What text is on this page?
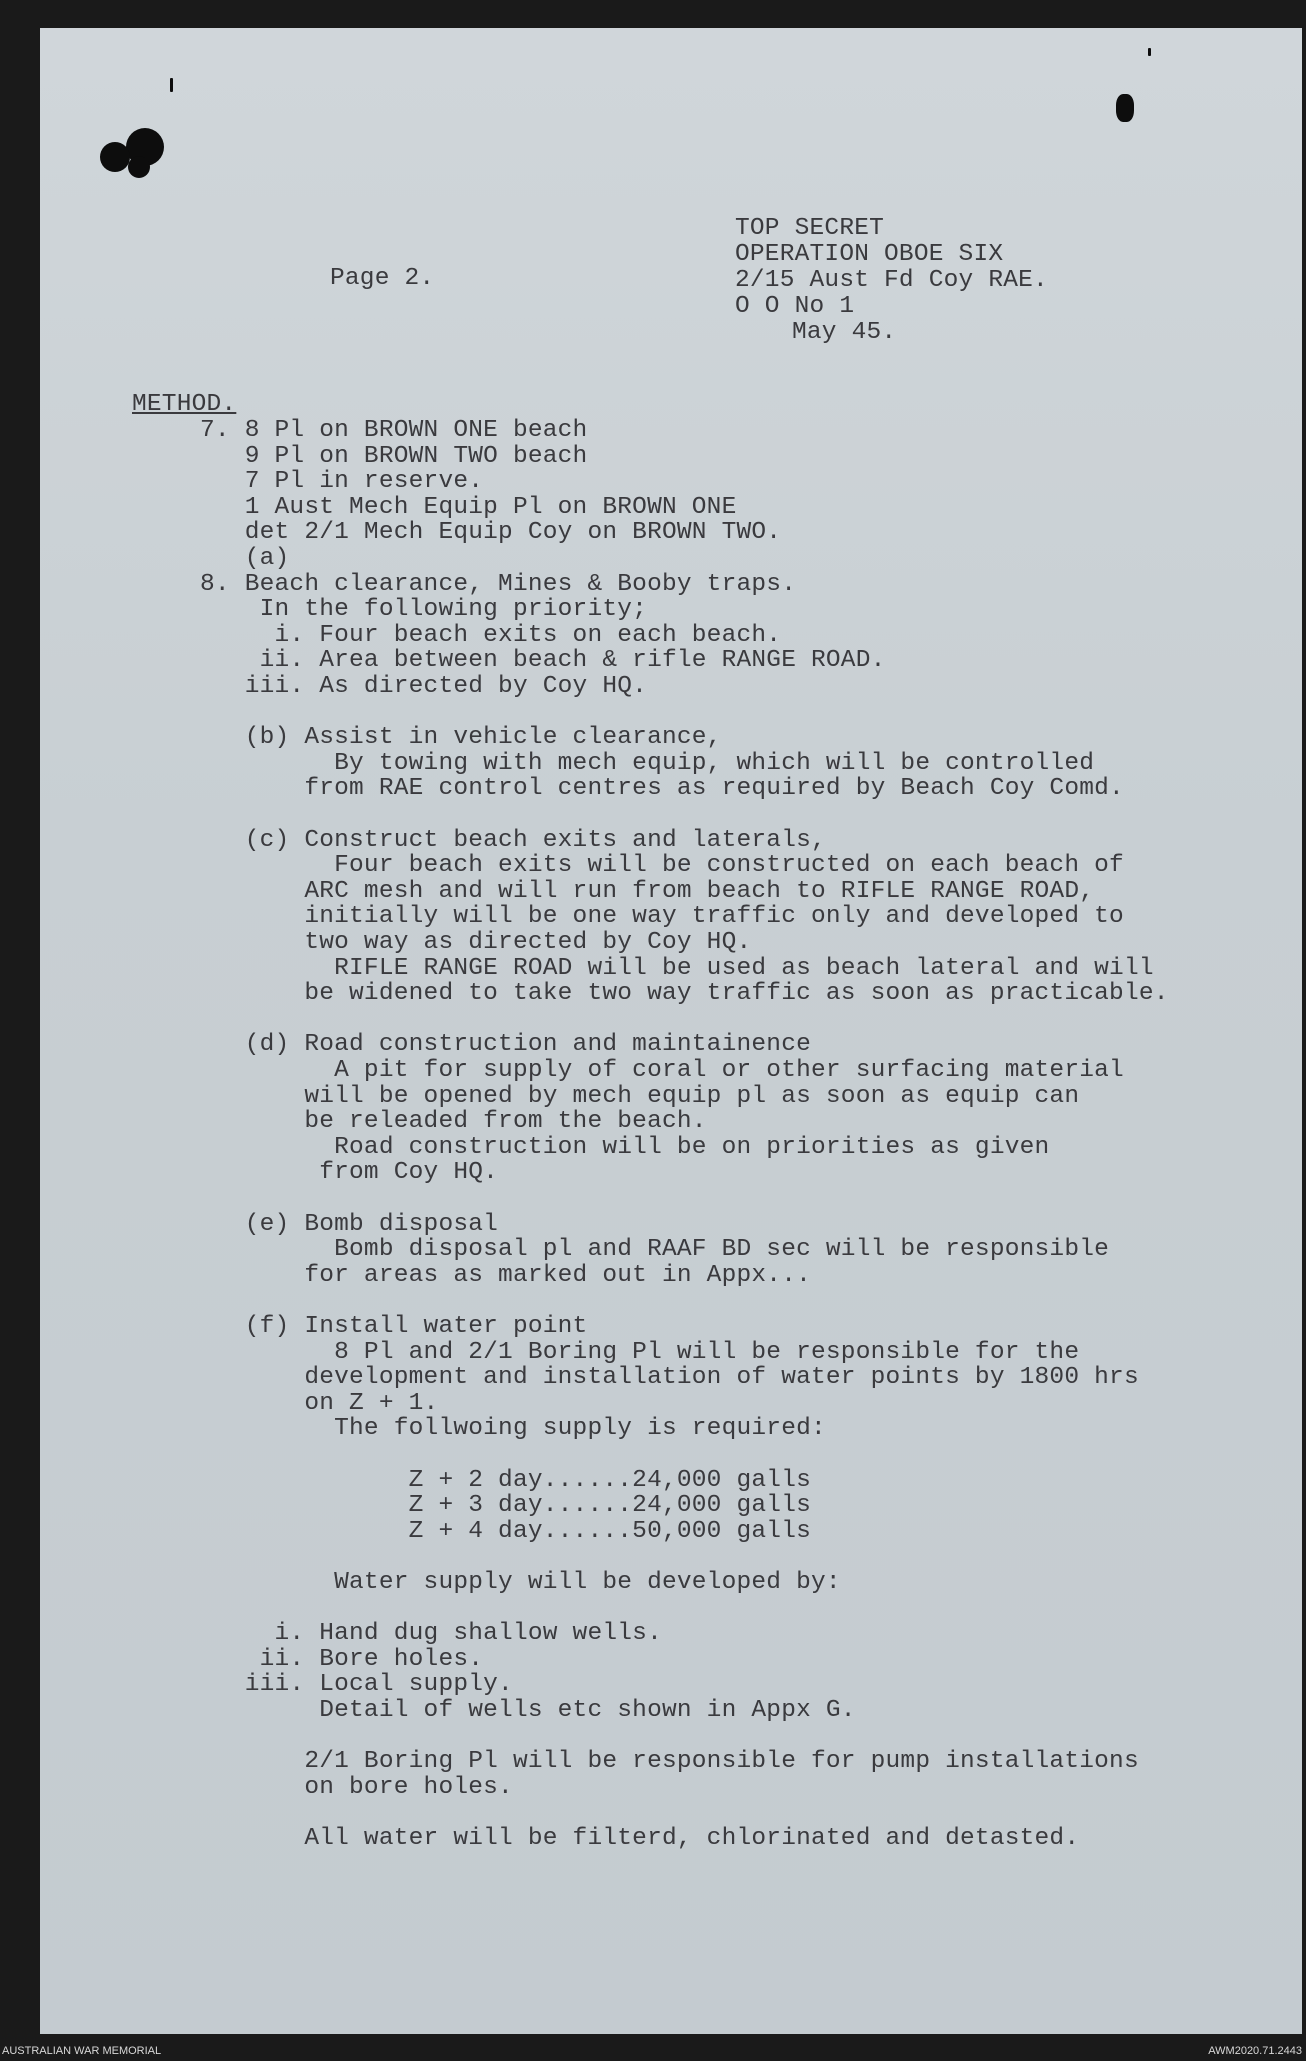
Page 2.
TOP SECRET
OPERATION OBOE SIX
2/15 Aust Fd Coy RAE.
O O No 1
May 45.
METHOD.
7. 8 Pl on BROWN ONE beach
9 Pl on BROWN TWO beach
7 Pl in reserve.
1 Aust Mech Equip Pl on BROWN ONE
det 2/1 Mech Equip Coy on BROWN TWO.
(a)
8. Beach clearance, Mines & Booby traps.
In the following priority;
i. Four beach exits on each beach.
ii. Area between beach & rifle RANGE ROAD.
iii. As directed by Coy HQ.
(b) Assist in vehicle clearance,
By towing with mech equip, which will be controlled
from RAE control centres as required by Beach Coy Comd.
(c) Construct beach exits and laterals,
Four beach exits will be constructed on each beach of
ARC mesh and will run from beach to RIFLE RANGE ROAD,
initially will be one way traffic only and developed to
two way as directed by Coy HQ.
RIFLE RANGE ROAD will be used as beach lateral and will
be widened to take two way traffic as soon as practicable.
(d) Road construction and maintainence
A pit for supply of coral or other surfacing material
will be opened by mech equip pl as soon as equip can
be releaded from the beach.
Road construction will be on priorities as given
from Coy HQ.
(e) Bomb disposal
Bomb disposal pl and RAAF BD sec will be responsible
for areas as marked out in Appx...
(f) Install water point
8 Pl and 2/1 Boring Pl will be responsible for the
development and installation of water points by 1800 hrs
on Z + 1.
The follwoing supply is required:
Z + 2 day......24,000 galls
Z + 3 day......24,000 galls
Z + 4 day......50,000 galls
Water supply will be developed by:
i. Hand dug shallow wells.
ii. Bore holes.
iii. Local supply.
Detail of wells etc shown in Appx G.
2/1 Boring Pl will be responsible for pump installations
on bore holes.
All water will be filterd, chlorinated and detasted.
AUSTRALIAN WAR MEMORIAL	AWM2020.71.2443
